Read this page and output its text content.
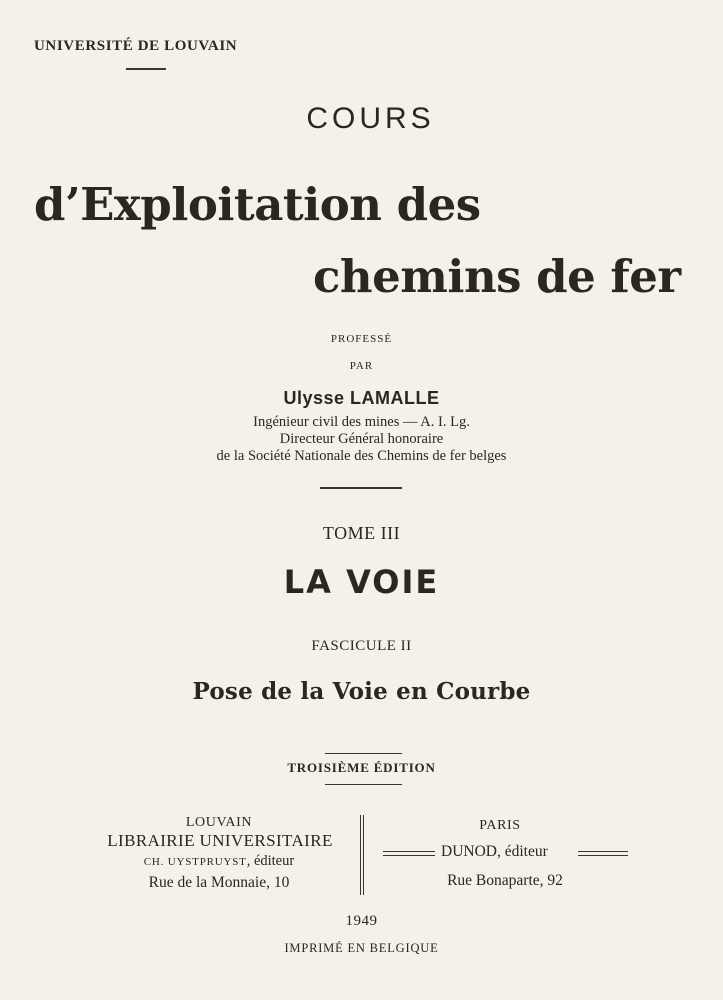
UNIVERSITÉ DE LOUVAIN
COURS
d’Exploitation des
chemins de fer
PROFESSÉ
PAR
Ulysse LAMALLE
Ingénieur civil des mines — A. I. Lg.
Directeur Général honoraire
de la Société Nationale des Chemins de fer belges
TOME III
LA VOIE
FASCICULE II
Pose de la Voie en Courbe
TROISIÈME ÉDITION
LOUVAIN
LIBRAIRIE UNIVERSITAIRE
CH. UYSTPRUYST, éditeur
Rue de la Monnaie, 10
PARIS
DUNOD, éditeur
Rue Bonaparte, 92
1949
IMPRIMÉ EN BELGIQUE
